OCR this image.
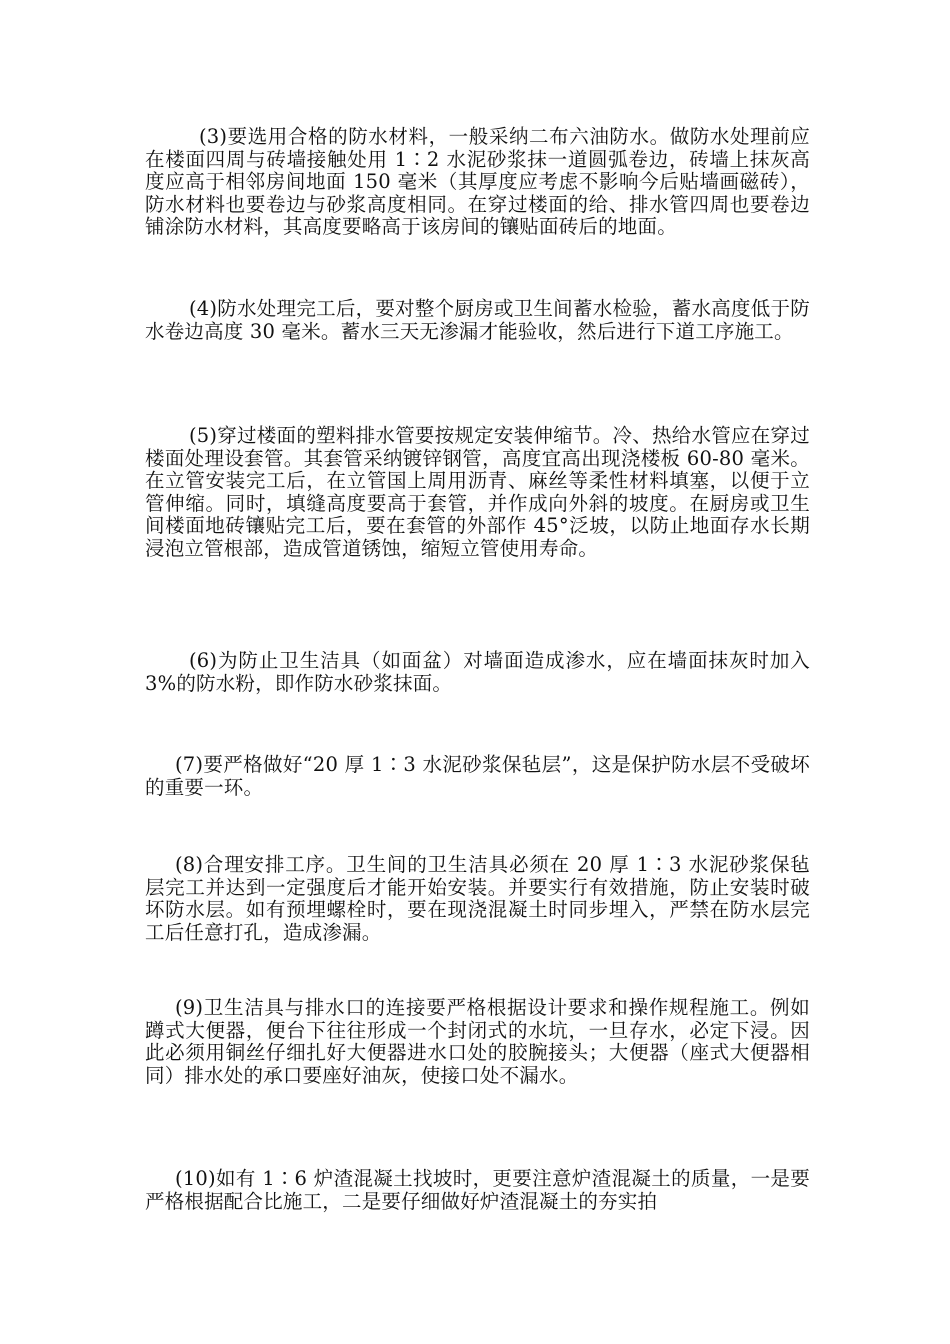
(3)要选用合格的防水材料，一般采纳二布六油防水。做防水处理前应在楼面四周与砖墙接触处用 1∶2 水泥砂浆抹一道圆弧卷边，砖墙上抹灰高度应高于相邻房间地面 150 毫米（其厚度应考虑不影响今后贴墙画磁砖），防水材料也要卷边与砂浆高度相同。在穿过楼面的给、排水管四周也要卷边铺涂防水材料，其高度要略高于该房间的镶贴面砖后的地面。

(4)防水处理完工后，要对整个厨房或卫生间蓄水检验，蓄水高度低于防水卷边高度 30 毫米。蓄水三天无渗漏才能验收，然后进行下道工序施工。

(5)穿过楼面的塑料排水管要按规定安装伸缩节。冷、热给水管应在穿过楼面处理设套管。其套管采纳镀锌钢管，高度宜高出现浇楼板 60-80 毫米。在立管安装完工后，在立管国上周用沥青、麻丝等柔性材料填塞，以便于立管伸缩。同时，填缝高度要高于套管，并作成向外斜的坡度。在厨房或卫生间楼面地砖镶贴完工后，要在套管的外部作 45°泛坡，以防止地面存水长期浸泡立管根部，造成管道锈蚀，缩短立管使用寿命。

(6)为防止卫生洁具（如面盆）对墙面造成渗水，应在墙面抹灰时加入 3%的防水粉，即作防水砂浆抹面。

(7)要严格做好“20 厚 1∶3 水泥砂浆保毡层”，这是保护防水层不受破坏的重要一环。

(8)合理安排工序。卫生间的卫生洁具必须在 20 厚 1∶3 水泥砂浆保毡层完工并达到一定强度后才能开始安装。并要实行有效措施，防止安装时破坏防水层。如有预埋螺栓时，要在现浇混凝土时同步埋入，严禁在防水层完工后任意打孔，造成渗漏。

(9)卫生洁具与排水口的连接要严格根据设计要求和操作规程施工。例如蹲式大便器，便台下往往形成一个封闭式的水坑，一旦存水，必定下浸。因此必须用铜丝仔细扎好大便器进水口处的胶腕接头；大便器（座式大便器相同）排水处的承口要座好油灰，使接口处不漏水。

(10)如有 1∶6 炉渣混凝土找坡时，更要注意炉渣混凝土的质量，一是要严格根据配合比施工，二是要仔细做好炉渣混凝土的夯实拍
